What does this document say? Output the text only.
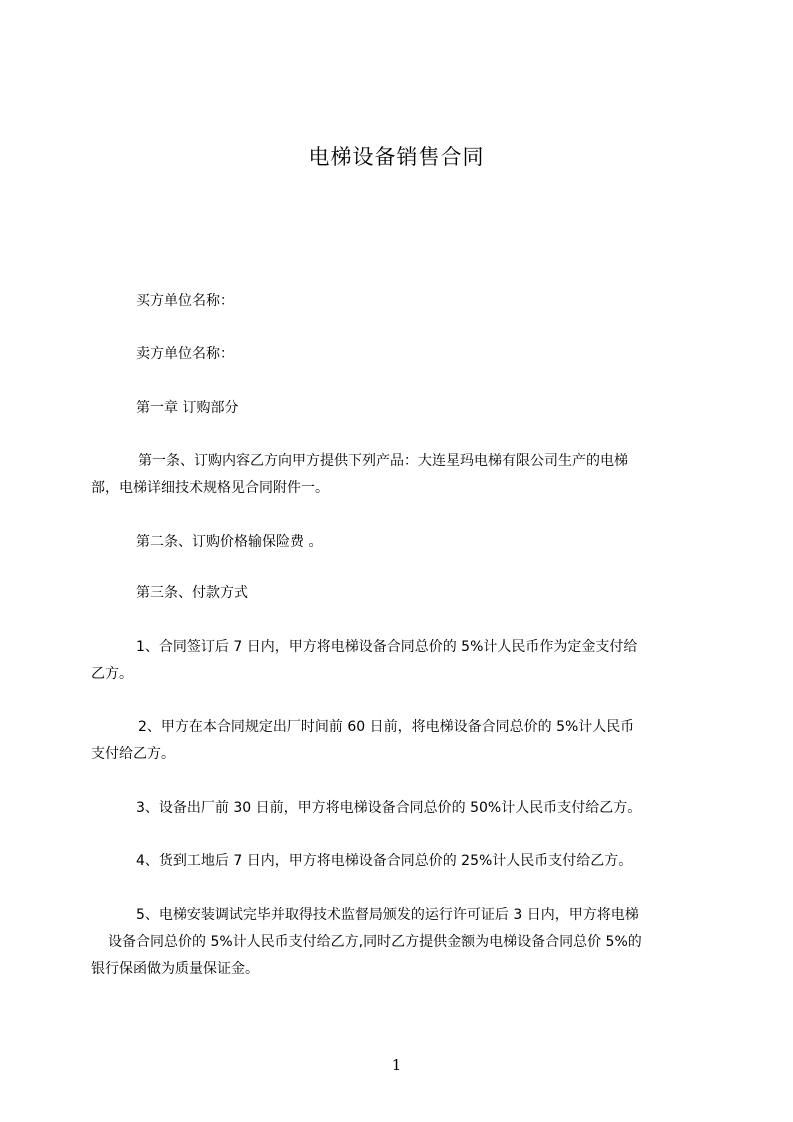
电梯设备销售合同

买方单位名称：

卖方单位名称：

第一章 订购部分

第一条、订购内容乙方向甲方提供下列产品：大连星玛电梯有限公司生产的电梯

部，电梯详细技术规格见合同附件一。

第二条、订购价格输保险费 。

第三条、付款方式

1、合同签订后 7 日内，甲方将电梯设备合同总价的 5%计人民币作为定金支付给

乙方。

2、甲方在本合同规定出厂时间前 60 日前，将电梯设备合同总价的 5%计人民币

支付给乙方。

3、设备出厂前 30 日前，甲方将电梯设备合同总价的 50%计人民币支付给乙方。

4、货到工地后 7 日内，甲方将电梯设备合同总价的 25%计人民币支付给乙方。

5、电梯安装调试完毕并取得技术监督局颁发的运行许可证后 3 日内，甲方将电梯

设备合同总价的 5%计人民币支付给乙方,同时乙方提供金额为电梯设备合同总价 5%的

银行保函做为质量保证金。

1
